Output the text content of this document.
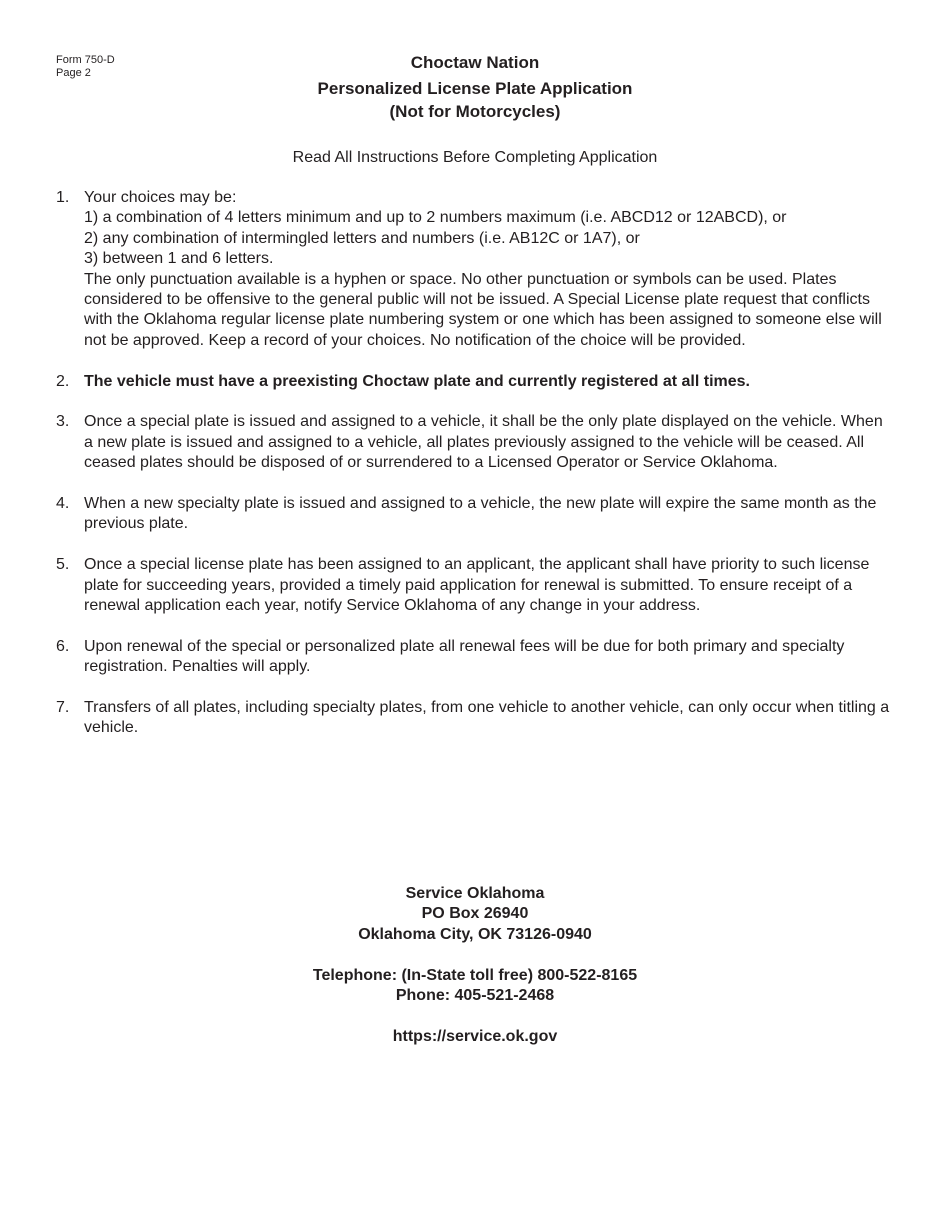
Form 750-D
Page 2
Choctaw Nation
Personalized License Plate Application
(Not for Motorcycles)
Read All Instructions Before Completing Application
1. Your choices may be:

1) a combination of 4 letters minimum and up to 2 numbers maximum (i.e. ABCD12 or 12ABCD), or

2) any combination of intermingled letters and numbers (i.e. AB12C or 1A7), or

3) between 1 and 6 letters.

The only punctuation available is a hyphen or space. No other punctuation or symbols can be used. Plates considered to be offensive to the general public will not be issued. A Special License plate request that conflicts with the Oklahoma regular license plate numbering system or one which has been assigned to someone else will not be approved. Keep a record of your choices. No notification of the choice will be provided.

2. The vehicle must have a preexisting Choctaw plate and currently registered at all times.

3. Once a special plate is issued and assigned to a vehicle, it shall be the only plate displayed on the vehicle. When a new plate is issued and assigned to a vehicle, all plates previously assigned to the vehicle will be ceased. All ceased plates should be disposed of or surrendered to a Licensed Operator or Service Oklahoma.

4. When a new specialty plate is issued and assigned to a vehicle, the new plate will expire the same month as the previous plate.

5. Once a special license plate has been assigned to an applicant, the applicant shall have priority to such license plate for succeeding years, provided a timely paid application for renewal is submitted. To ensure receipt of a renewal application each year, notify Service Oklahoma of any change in your address.

6. Upon renewal of the special or personalized plate all renewal fees will be due for both primary and specialty registration. Penalties will apply.

7. Transfers of all plates, including specialty plates, from one vehicle to another vehicle, can only occur when titling a vehicle.

Service Oklahoma
PO Box 26940
Oklahoma City, OK 73126-0940
Telephone: (In-State toll free) 800-522-8165
Phone: 405-521-2468
https://service.ok.gov
